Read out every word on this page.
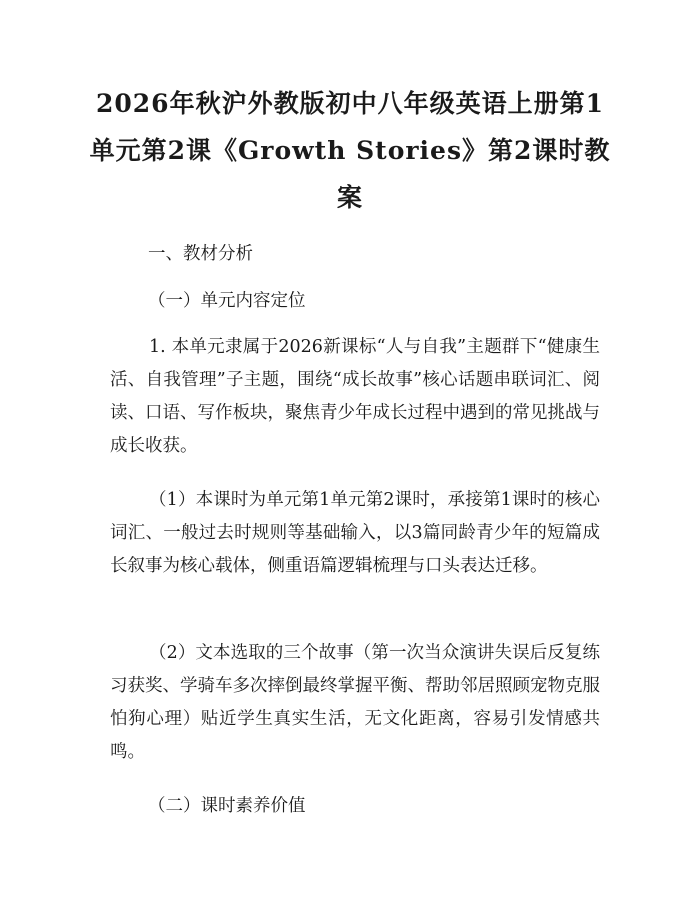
2026年秋沪外教版初中八年级英语上册第1单元第2课《Growth Stories》第2课时教案

一、教材分析

（一）单元内容定位

1. 本单元隶属于2026新课标“人与自我”主题群下“健康生活、自我管理”子主题，围绕“成长故事”核心话题串联词汇、阅读、口语、写作板块，聚焦青少年成长过程中遇到的常见挑战与成长收获。

（1）本课时为单元第1单元第2课时，承接第1课时的核心词汇、一般过去时规则等基础输入，以3篇同龄青少年的短篇成长叙事为核心载体，侧重语篇逻辑梳理与口头表达迁移。

（2）文本选取的三个故事（第一次当众演讲失误后反复练习获奖、学骑车多次摔倒最终掌握平衡、帮助邻居照顾宠物克服怕狗心理）贴近学生真实生活，无文化距离，容易引发情感共鸣。

（二）课时素养价值
